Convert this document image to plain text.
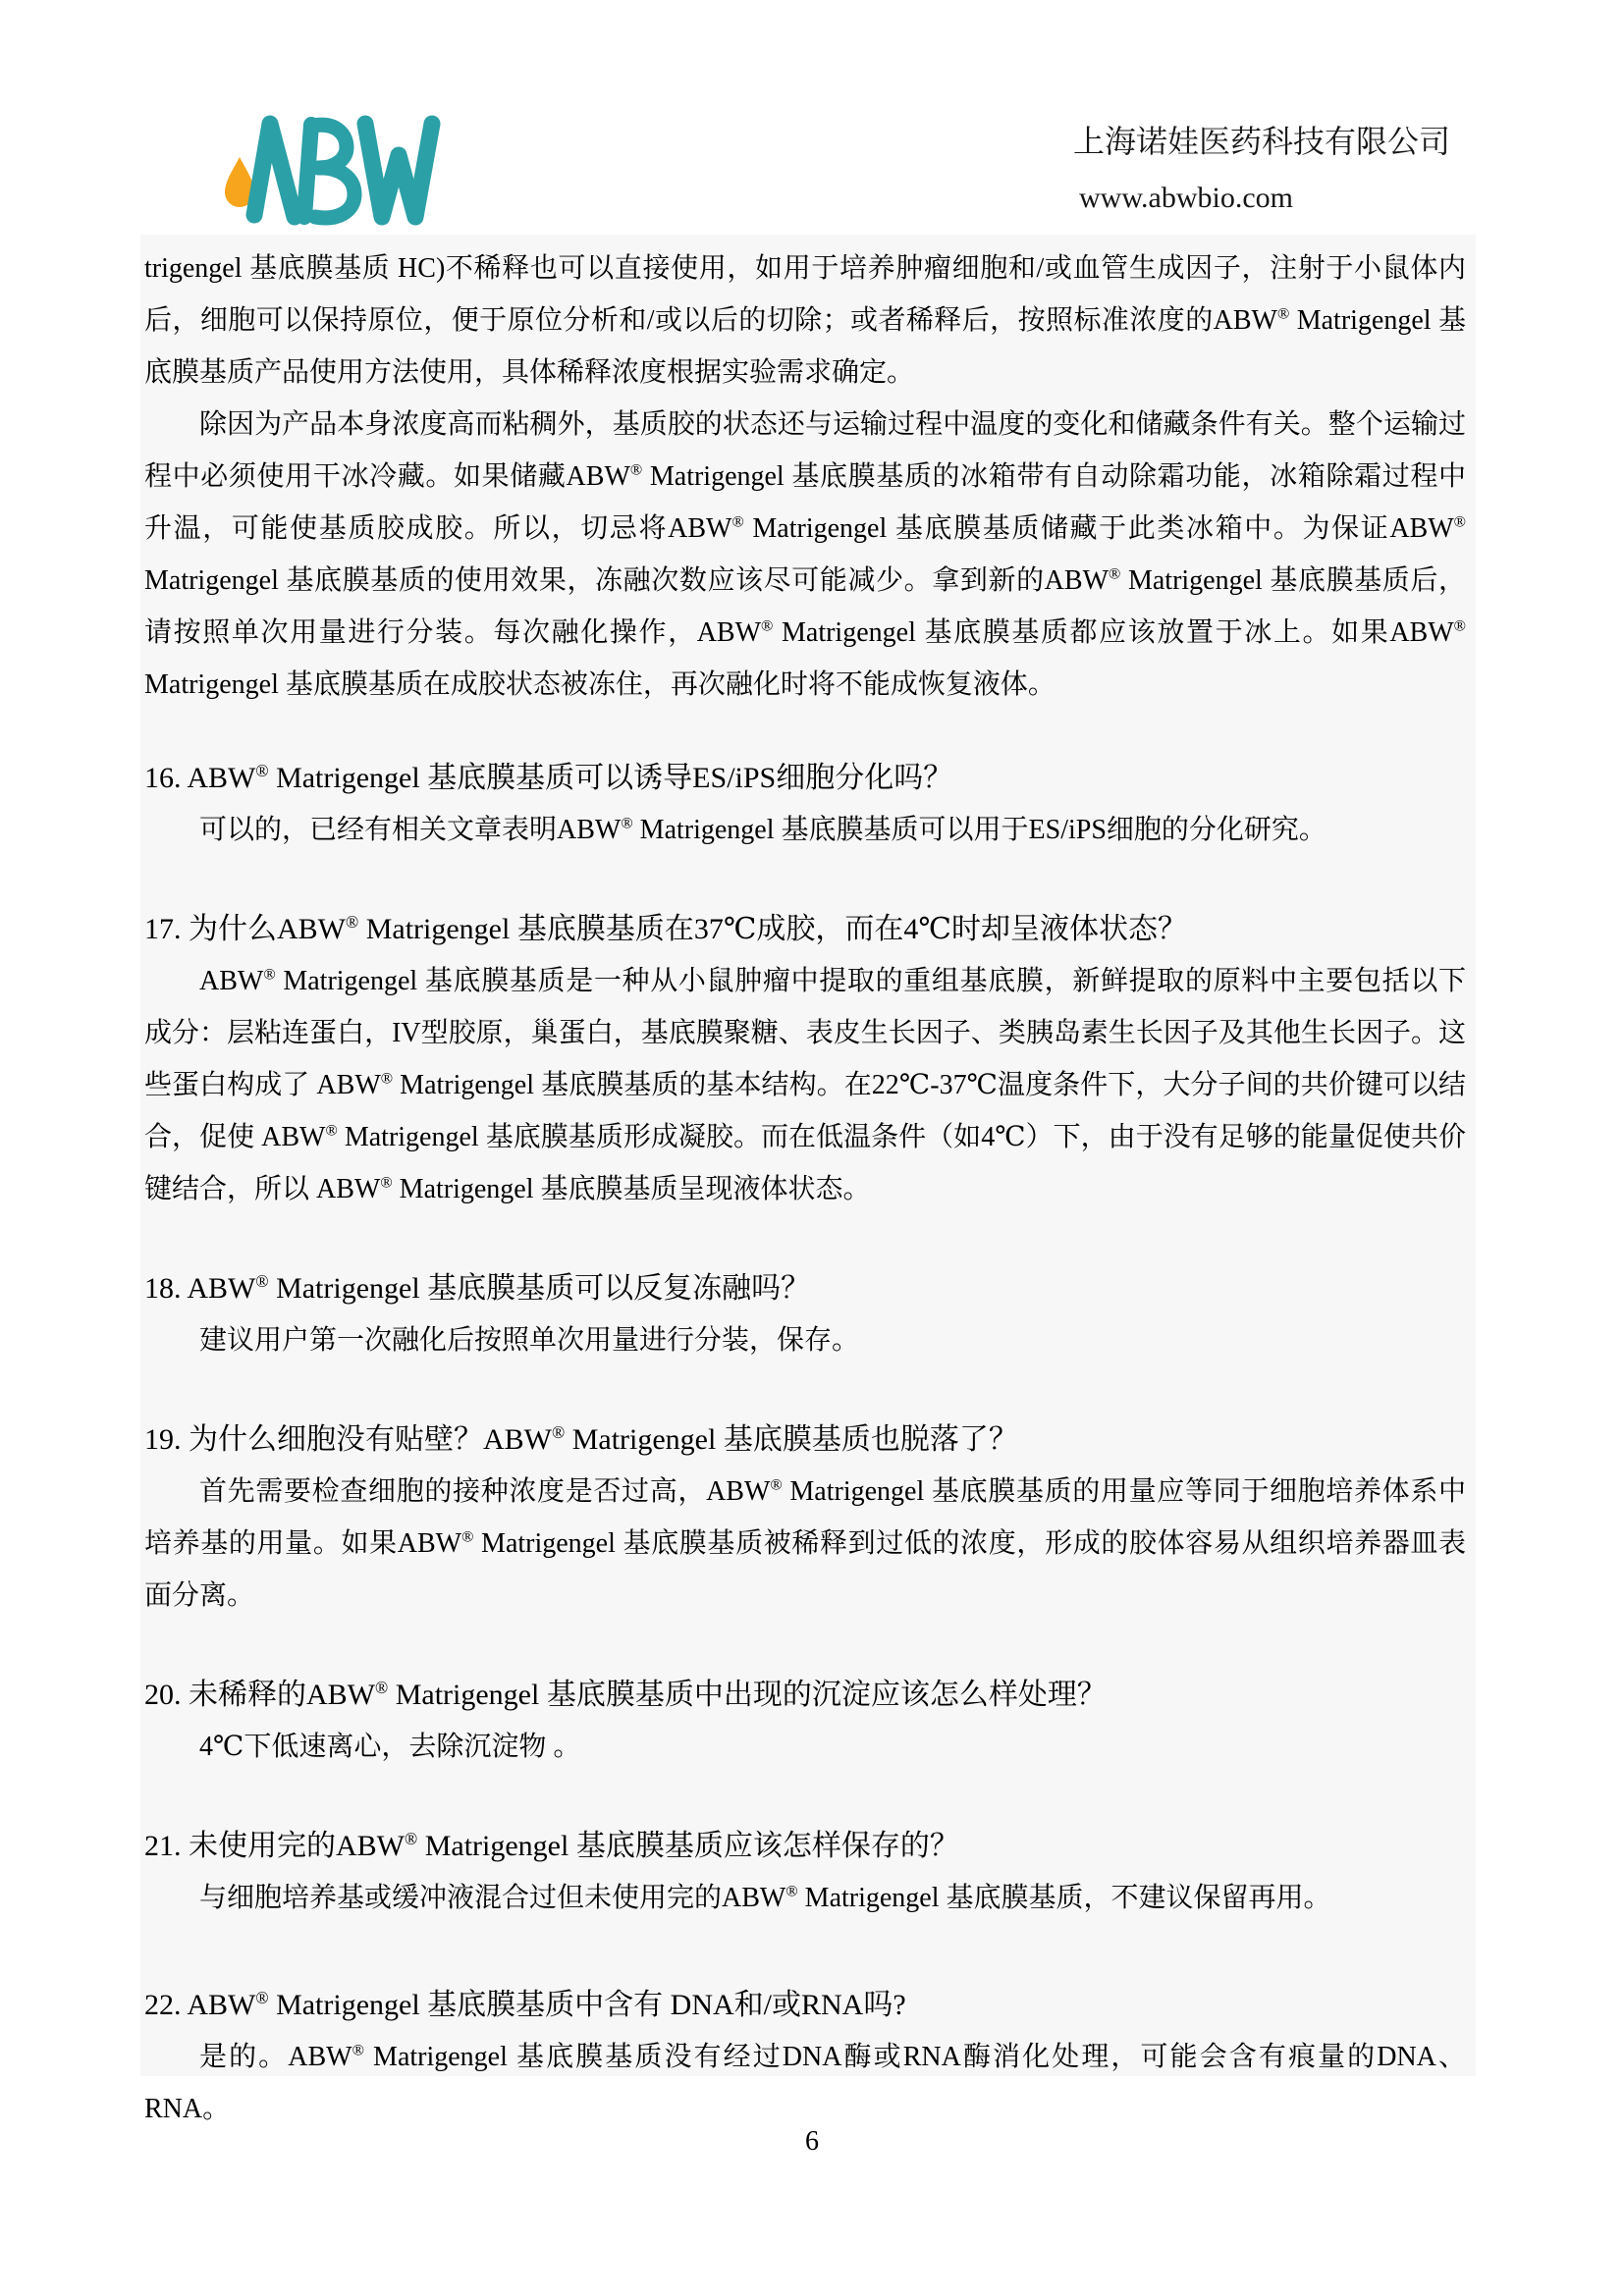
上海诺娃医药科技有限公司
www.abwbio.com

trigengel 基底膜基质 HC)不稀释也可以直接使用，如用于培养肿瘤细胞和/或血管生成因子，注射于小鼠体内后，细胞可以保持原位，便于原位分析和/或以后的切除；或者稀释后，按照标准浓度的ABW® Matrigengel 基底膜基质产品使用方法使用，具体稀释浓度根据实验需求确定。

除因为产品本身浓度高而粘稠外，基质胶的状态还与运输过程中温度的变化和储藏条件有关。整个运输过程中必须使用干冰冷藏。如果储藏ABW® Matrigengel 基底膜基质的冰箱带有自动除霜功能，冰箱除霜过程中升温，可能使基质胶成胶。所以，切忌将ABW® Matrigengel 基底膜基质储藏于此类冰箱中。为保证ABW® Matrigengel 基底膜基质的使用效果，冻融次数应该尽可能减少。拿到新的ABW® Matrigengel 基底膜基质后，请按照单次用量进行分装。每次融化操作，ABW® Matrigengel 基底膜基质都应该放置于冰上。如果ABW® Matrigengel 基底膜基质在成胶状态被冻住，再次融化时将不能成恢复液体。

16. ABW® Matrigengel 基底膜基质可以诱导ES/iPS细胞分化吗？

可以的，已经有相关文章表明ABW® Matrigengel 基底膜基质可以用于ES/iPS细胞的分化研究。

17. 为什么ABW® Matrigengel 基底膜基质在37℃成胶，而在4℃时却呈液体状态？

ABW® Matrigengel 基底膜基质是一种从小鼠肿瘤中提取的重组基底膜，新鲜提取的原料中主要包括以下成分：层粘连蛋白，IV型胶原，巢蛋白，基底膜聚糖、表皮生长因子、类胰岛素生长因子及其他生长因子。这些蛋白构成了 ABW® Matrigengel 基底膜基质的基本结构。在22℃-37℃温度条件下，大分子间的共价键可以结合，促使 ABW® Matrigengel 基底膜基质形成凝胶。而在低温条件（如4℃）下，由于没有足够的能量促使共价键结合，所以 ABW® Matrigengel 基底膜基质呈现液体状态。

18. ABW® Matrigengel 基底膜基质可以反复冻融吗？

建议用户第一次融化后按照单次用量进行分装，保存。

19. 为什么细胞没有贴壁？ABW® Matrigengel 基底膜基质也脱落了？

首先需要检查细胞的接种浓度是否过高，ABW® Matrigengel 基底膜基质的用量应等同于细胞培养体系中培养基的用量。如果ABW® Matrigengel 基底膜基质被稀释到过低的浓度，形成的胶体容易从组织培养器皿表面分离。

20. 未稀释的ABW® Matrigengel 基底膜基质中出现的沉淀应该怎么样处理？

4℃下低速离心，去除沉淀物 。

21. 未使用完的ABW® Matrigengel 基底膜基质应该怎样保存的？

与细胞培养基或缓冲液混合过但未使用完的ABW® Matrigengel 基底膜基质，不建议保留再用。

22. ABW® Matrigengel 基底膜基质中含有 DNA和/或RNA吗?

是的。ABW® Matrigengel 基底膜基质没有经过DNA酶或RNA酶消化处理，可能会含有痕量的DNA、RNA。

6
